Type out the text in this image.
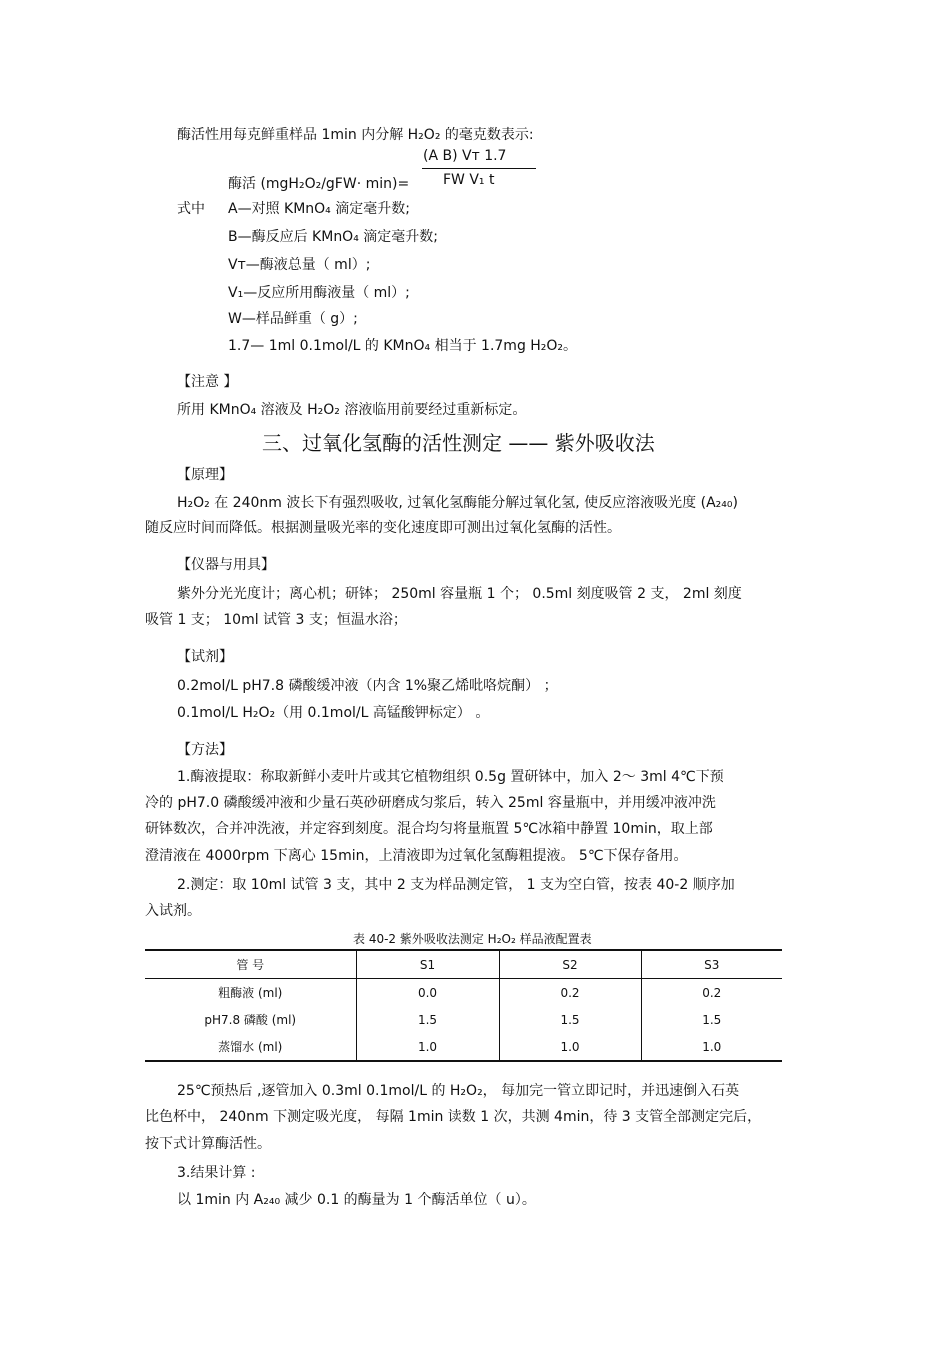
酶活性用每克鲜重样品 1min 内分解 H₂O₂ 的毫克数表示:
(A B) Vт 1.7
酶活 (mgH₂O₂/gFW· min)= FW V₁ t
式中 A—对照 KMnO₄ 滴定毫升数;
B—酶反应后 KMnO₄ 滴定毫升数;
Vт—酶液总量（ ml）;
V₁—反应所用酶液量（ ml）;
W—样品鲜重（ g）;
1.7— 1ml 0.1mol/L 的 KMnO₄ 相当于 1.7mg H₂O₂。
【注意 】
所用 KMnO₄ 溶液及 H₂O₂ 溶液临用前要经过重新标定。
三、过氧化氢酶的活性测定 —— 紫外吸收法
【原理】
H₂O₂ 在 240nm 波长下有强烈吸收, 过氧化氢酶能分解过氧化氢, 使反应溶液吸光度 (A₂₄₀)
随反应时间而降低。根据测量吸光率的变化速度即可测出过氧化氢酶的活性。
【仪器与用具】
紫外分光光度计；离心机；研钵； 250ml 容量瓶 1 个； 0.5ml 刻度吸管 2 支， 2ml 刻度
吸管 1 支； 10ml 试管 3 支；恒温水浴；
【试剂】
0.2mol/L pH7.8 磷酸缓冲液（内含 1%聚乙烯吡咯烷酮） ；
0.1mol/L H₂O₂（用 0.1mol/L 高锰酸钾标定） 。
【方法】
1.酶液提取：称取新鲜小麦叶片或其它植物组织 0.5g 置研钵中，加入 2～ 3ml 4℃下预
冷的 pH7.0 磷酸缓冲液和少量石英砂研磨成匀浆后，转入 25ml 容量瓶中，并用缓冲液冲洗
研钵数次，合并冲洗液，并定容到刻度。混合均匀将量瓶置 5℃冰箱中静置 10min，取上部
澄清液在 4000rpm 下离心 15min，上清液即为过氧化氢酶粗提液。 5℃下保存备用。
2.测定：取 10ml 试管 3 支，其中 2 支为样品测定管， 1 支为空白管，按表 40-2 顺序加
入试剂。
表 40-2 紫外吸收法测定 H₂O₂ 样品液配置表
管 号	S1	S2	S3
粗酶液 (ml)	0.0	0.2	0.2
pH7.8 磷酸 (ml)	1.5	1.5	1.5
蒸馏水 (ml)	1.0	1.0	1.0
25℃预热后 ,逐管加入 0.3ml 0.1mol/L 的 H₂O₂， 每加完一管立即记时，并迅速倒入石英
比色杯中， 240nm 下测定吸光度， 每隔 1min 读数 1 次，共测 4min，待 3 支管全部测定完后，
按下式计算酶活性。
3.结果计算 :
以 1min 内 A₂₄₀ 减少 0.1 的酶量为 1 个酶活单位（ u）。
